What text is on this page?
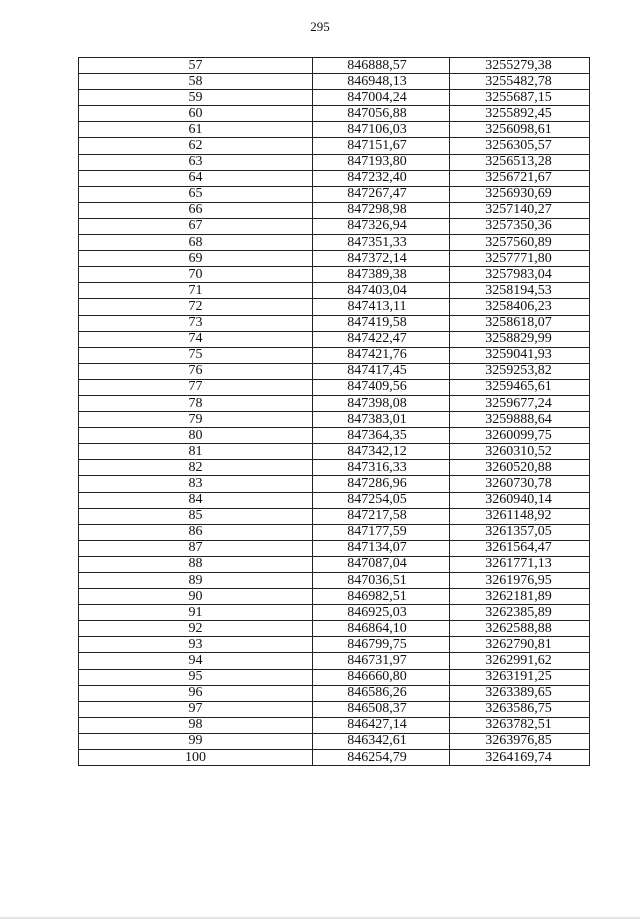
295
57	846888,57	3255279,38
58	846948,13	3255482,78
59	847004,24	3255687,15
60	847056,88	3255892,45
61	847106,03	3256098,61
62	847151,67	3256305,57
63	847193,80	3256513,28
64	847232,40	3256721,67
65	847267,47	3256930,69
66	847298,98	3257140,27
67	847326,94	3257350,36
68	847351,33	3257560,89
69	847372,14	3257771,80
70	847389,38	3257983,04
71	847403,04	3258194,53
72	847413,11	3258406,23
73	847419,58	3258618,07
74	847422,47	3258829,99
75	847421,76	3259041,93
76	847417,45	3259253,82
77	847409,56	3259465,61
78	847398,08	3259677,24
79	847383,01	3259888,64
80	847364,35	3260099,75
81	847342,12	3260310,52
82	847316,33	3260520,88
83	847286,96	3260730,78
84	847254,05	3260940,14
85	847217,58	3261148,92
86	847177,59	3261357,05
87	847134,07	3261564,47
88	847087,04	3261771,13
89	847036,51	3261976,95
90	846982,51	3262181,89
91	846925,03	3262385,89
92	846864,10	3262588,88
93	846799,75	3262790,81
94	846731,97	3262991,62
95	846660,80	3263191,25
96	846586,26	3263389,65
97	846508,37	3263586,75
98	846427,14	3263782,51
99	846342,61	3263976,85
100	846254,79	3264169,74
